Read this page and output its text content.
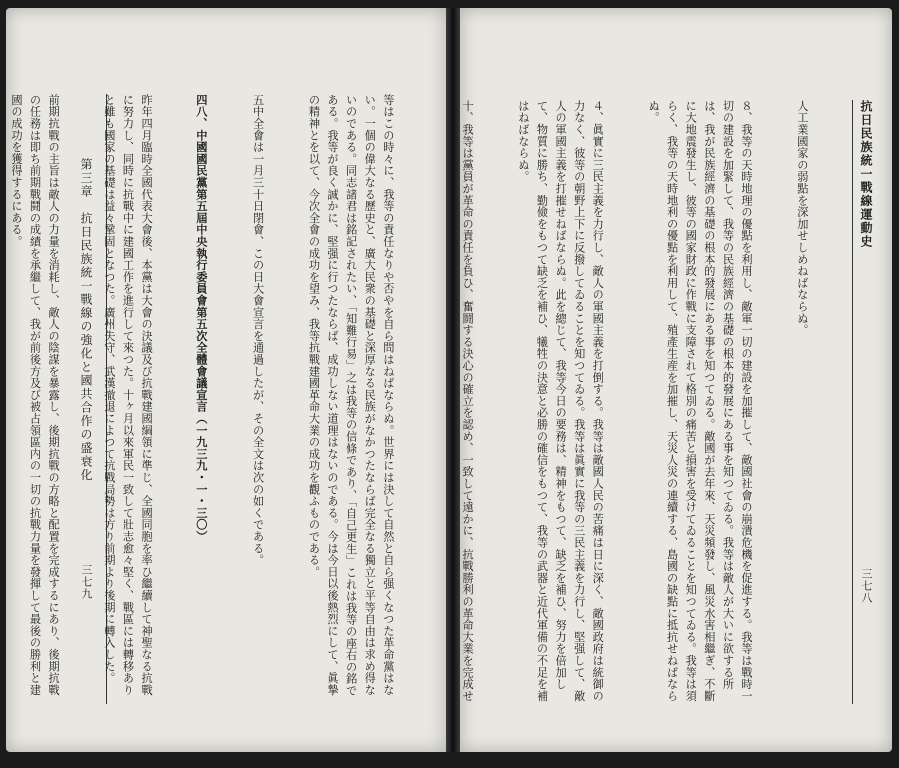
抗日民族統一戰線運動史
三七八

人工業國家の弱點を深加せしめねばならぬ。

８、我等の天時地理の優點を利用し、敵軍一切の建設を加摧して、敵國社會の崩潰危機を促進する。我等は戰時一切の建設を加緊して、我等の民族經濟の基礎の根本的發展にある事を知つてゐる。我等は敵人が大いに欲する所は、我が民族經濟の基礎の根本的發展にある事を知つてゐる。敵國が去年來、天災頻發し、風災水害相繼ぎ、不斷に大地震發生し、彼等の國家財政に作戰に支障されて格別の痛苦と損害を受けてゐることを知つてゐる。我等は須らく、我等の天時地利の優點を利用して、殖產生産を加摧し、天災人災の連續する、島國の缺點に抵抗せねばならぬ。

４、眞實に三民主義を力行し、敵人の軍國主義を打倒する。我等は敵國人民の苦痛は日に深く、敵國政府は統御の力なく、彼等の朝野上下に反撥してゐることを知つてゐる。我等は眞實に我等の三民主義を力行し、堅强して、敵人の軍國主義を打摧せねばならぬ。此を總じて、我等今日の要務は、精神をもつて、缺乏を補ひ、努力を倍加して、物質に勝ち、勤儉をもつて缺乏を補ひ、犧牲の決意と必勝の確信をもつて、我等の武器と近代軍備の不足を補はねばならぬ。

十、我等は黨員が革命の責任を負ひ、奮鬪する決心の確立を認め、一致して遠かに、抗戰勝利の革命大業を完成せ

第三章　抗日民族統一戰線の強化と國共合作の盛衰化
三七九

	等はこの時々に、我等の責任なりや否やを自ら問はねばならぬ。世界には決して自然と自ら强くなつた革命黨はない。一個の偉大なる歷史と、廣大民衆の基礎と深厚なる民族がなかつたならば完全なる獨立と平等自由は求め得ないのである。同志諸君は銘記されたい、「知難行易」之は我等の信條であり、「自己更生」これは我等の座右の銘である。我等が良く誠かに、堅强に行つたならば、成功しない道理はないのである。今は今日以後熱烈にして、眞摯の精神とを以て、今次全會の成功を望み、我等抗戰建國革命大業の成功を觀ふものである。

五中全會は一月三十日閉會、この日大會宣言を通過したが、その全文は次の如くである。

四八、中國國民黨第五屆中央執行委員會第五次全體會議宣言（一九三九・一・三〇）

昨年四月臨時全國代表大會後、本黨は大會の決議及び抗戰建國綱領に準じ、全國同胞を率ひ繼續して神聖なる抗戰に努力し、同時に抗戰中に建國工作を進行して來つた。十ヶ月以來軍民一致して壯志愈々堅く、戰區には轉移ありと雖も國家の基礎は益々鞏固となつた。廣州失守、武漢撤退によつて抗戰局勢は方り前期より後期に轉入した。

前期抗戰の主旨は敵人の力量を消耗し、敵人の陰謀を暴露し、後期抗戰の方略と配置を完成するにあり、後期抗戰の任務は即ち前期戰鬪の成績を承繼して、我が前後方及び被占領區内の一切の抗戰力量を發揮して最後の勝利と建國の成功を獲得するにある。
